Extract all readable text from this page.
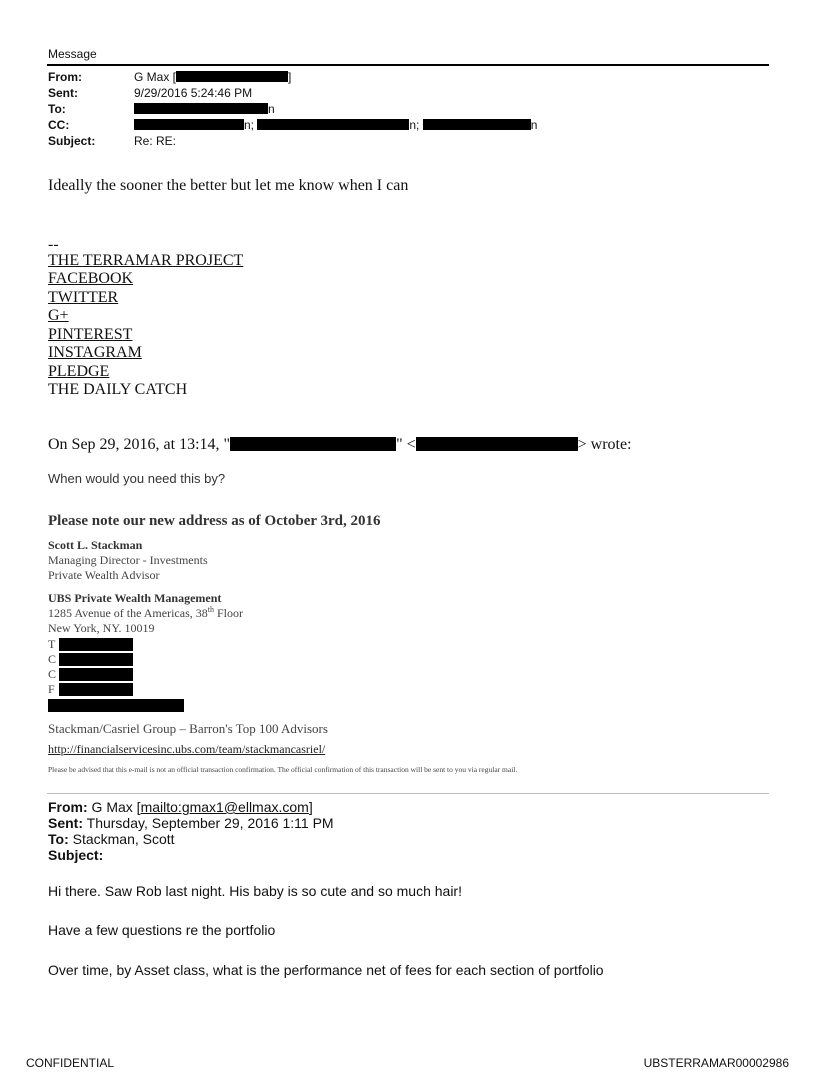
Message
From:	G Max [	]
Sent:	9/29/2016 5:24:46 PM
To:	n
CC:	n;	n;	n
Subject:	Re: RE:
Ideally the sooner the better but let me know when I can
--
THE TERRAMAR PROJECT
FACEBOOK
TWITTER
G+
PINTEREST
INSTAGRAM
PLEDGE
THE DAILY CATCH
On Sep 29, 2016, at 13:14, "	" <	> wrote:
When would you need this by?
Please note our new address as of October 3rd, 2016
Scott L. Stackman
Managing Director - Investments
Private Wealth Advisor
UBS Private Wealth Management
1285 Avenue of the Americas, 38th Floor
New York, NY. 10019
T
C
C
F
Stackman/Casriel Group – Barron's Top 100 Advisors
http://financialservicesinc.ubs.com/team/stackmancasriel/
Please be advised that this e-mail is not an official transaction confirmation. The official confirmation of this transaction will be sent to you via regular mail.
From: G Max [mailto:gmax1@ellmax.com]
Sent: Thursday, September 29, 2016 1:11 PM
To: Stackman, Scott
Subject:
Hi there. Saw Rob last night. His baby is so cute and so much hair!
Have a few questions re the portfolio
Over time, by Asset class, what is the performance net of fees for each section of portfolio
CONFIDENTIAL	UBSTERRAMAR00002986
